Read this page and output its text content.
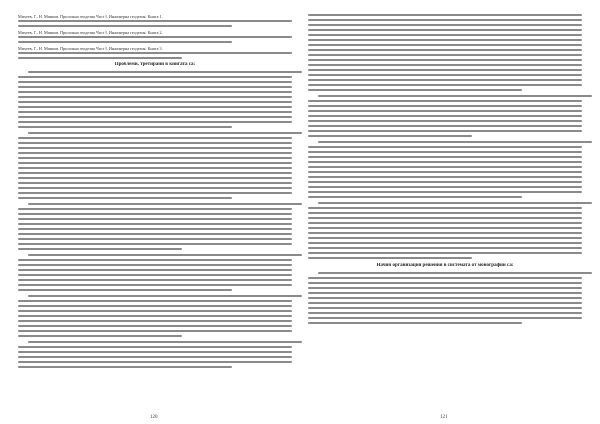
Михеев, Г., Н. Минков. Приложна геодезия Част І. Инженерна геодезия. Книга 1.
Михеев, Г., Н. Минков. Приложна геодезия Част І. Инженерна геодезия. Книга 2.
Михеев, Г., Н. Минков. Приложна геодезия Част І. Инженерна геодезия. Книга 3.
Проблеми, третирани в книгата са:
Начин организация решения в системата от монографии са:
120	121
